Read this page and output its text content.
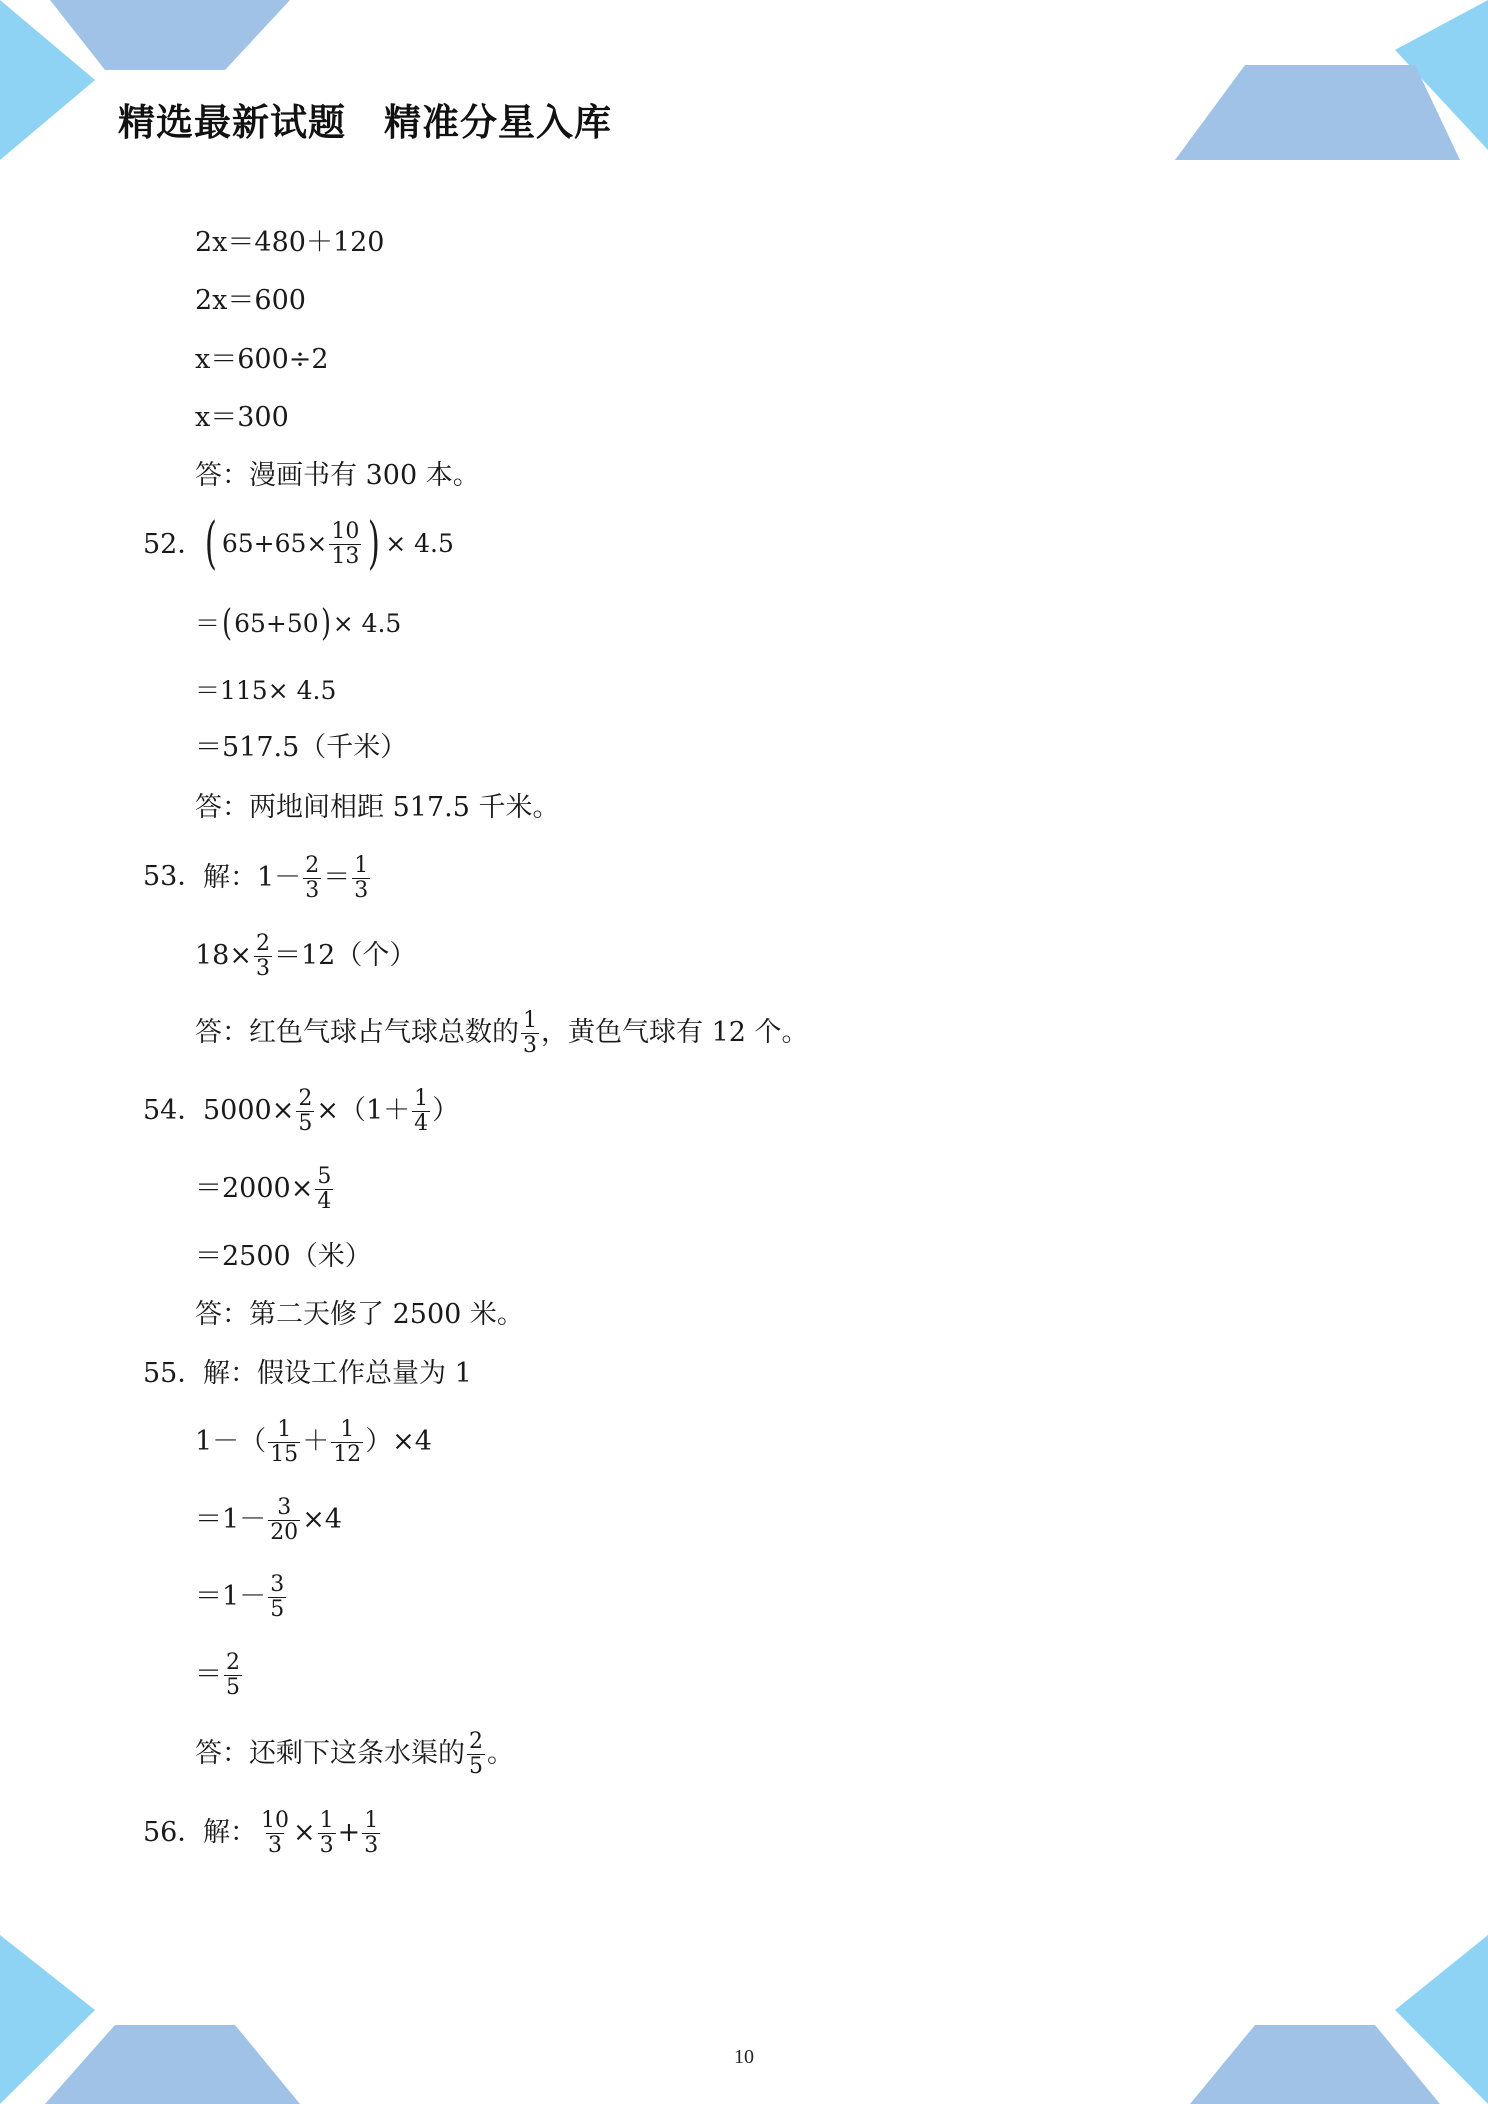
精选最新试题　精准分星入库
2x＝480＋120
2x＝600
x＝600÷2
x＝300
答：漫画书有 300 本。
52． ( $65+65\times \frac{10}{13}$ ) × 4.5
＝ ( 65+50 ) × 4.5
＝115× 4.5
＝517.5（千米）
答：两地间相距 517.5 千米。
53．
解：$1- \frac{2}{3} = \frac{1}{3}$
$18\times \frac{2}{3} =12$（个）
答：红色气球占气球总数的 $\frac{1}{3}$ ，黄色气球有 12 个。
54．
$5000\times \frac{2}{5} \times(1+ \frac{1}{4}$ ）
$=2000\times \frac{5}{4}$
＝2500（米）
答：第二天修了 2500 米。
55．
解：假设工作总量为 1
$1-( \frac{1}{15} + \frac{1}{12} )\times 4$
$=1- \frac{3}{20} \times 4$
$=1- \frac{3}{5}$
＝ $\frac{2}{5}$
答：还剩下这条水渠的 $\frac{2}{5}$ 。
56．
解： $\frac{10}{3} \times \frac{1}{3} + \frac{1}{3}$
10
